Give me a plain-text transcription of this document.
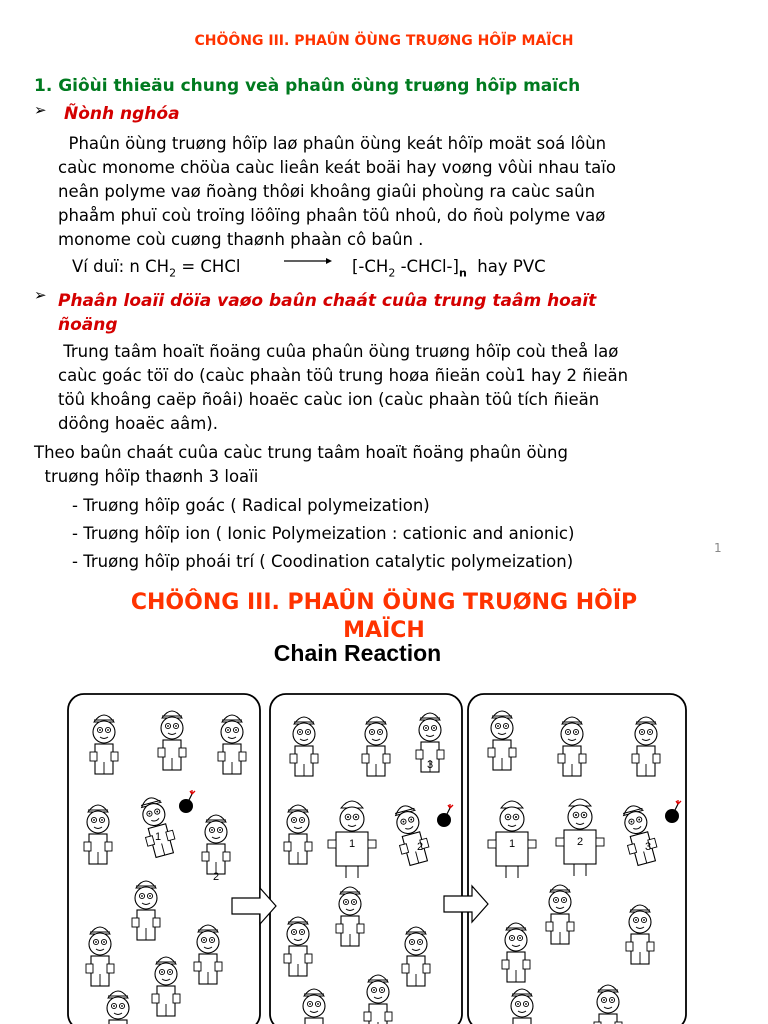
CHÖÔNG III. PHAÛN ÖÙNG TRUØNG HÔÏP MAÏCH
1. Giôùi thieäu chung veà phaûn öùng truøng hôïp maïch
➢ Ñònh nghóa
Phaûn öùng truøng hôïp laø phaûn öùng keát hôïp moät soá lôùn
caùc monome chöùa caùc lieân keát boäi hay voøng vôùi nhau taïo
neân polyme vaø ñoàng thôøi khoâng giaûi phoùng ra caùc saûn
phaåm phuï coù troïng löôïng phaân töû nhoû, do ñoù polyme vaø
monome coù cuøng thaønh phaàn cô baûn .
Ví duï: n $CH_2$ = CHCl	→ [$-CH_2$ $-CHCl-]_n$  hay PVC
➢ Phaân loaïi döïa vaøo baûn chaát cuûa trung taâm hoaït
ñoäng
Trung taâm hoaït ñoäng cuûa phaûn öùng truøng hôïp coù theå laø
caùc goác töï do (caùc phaàn töû trung hoøa ñieän coù1 hay 2 ñieän
töû khoâng caëp ñoâi) hoaëc caùc ion (caùc phaàn töû tích ñieän
döông hoaëc aâm).
Theo baûn chaát cuûa caùc trung taâm hoaït ñoäng phaûn öùng
truøng hôïp thaønh 3 loaïi
- Truøng hôïp goác ( Radical polymeization)
- Truøng hôïp ion ( Ionic Polymeization : cationic and anionic)
- Truøng hôïp phoái trí ( Coodination catalytic polymeization)
1
CHÖÔNG III. PHAÛN ÖÙNG TRUØNG HÔÏP
MAÏCH
Chain Reaction
1
2
3
1	2	1	2	3
